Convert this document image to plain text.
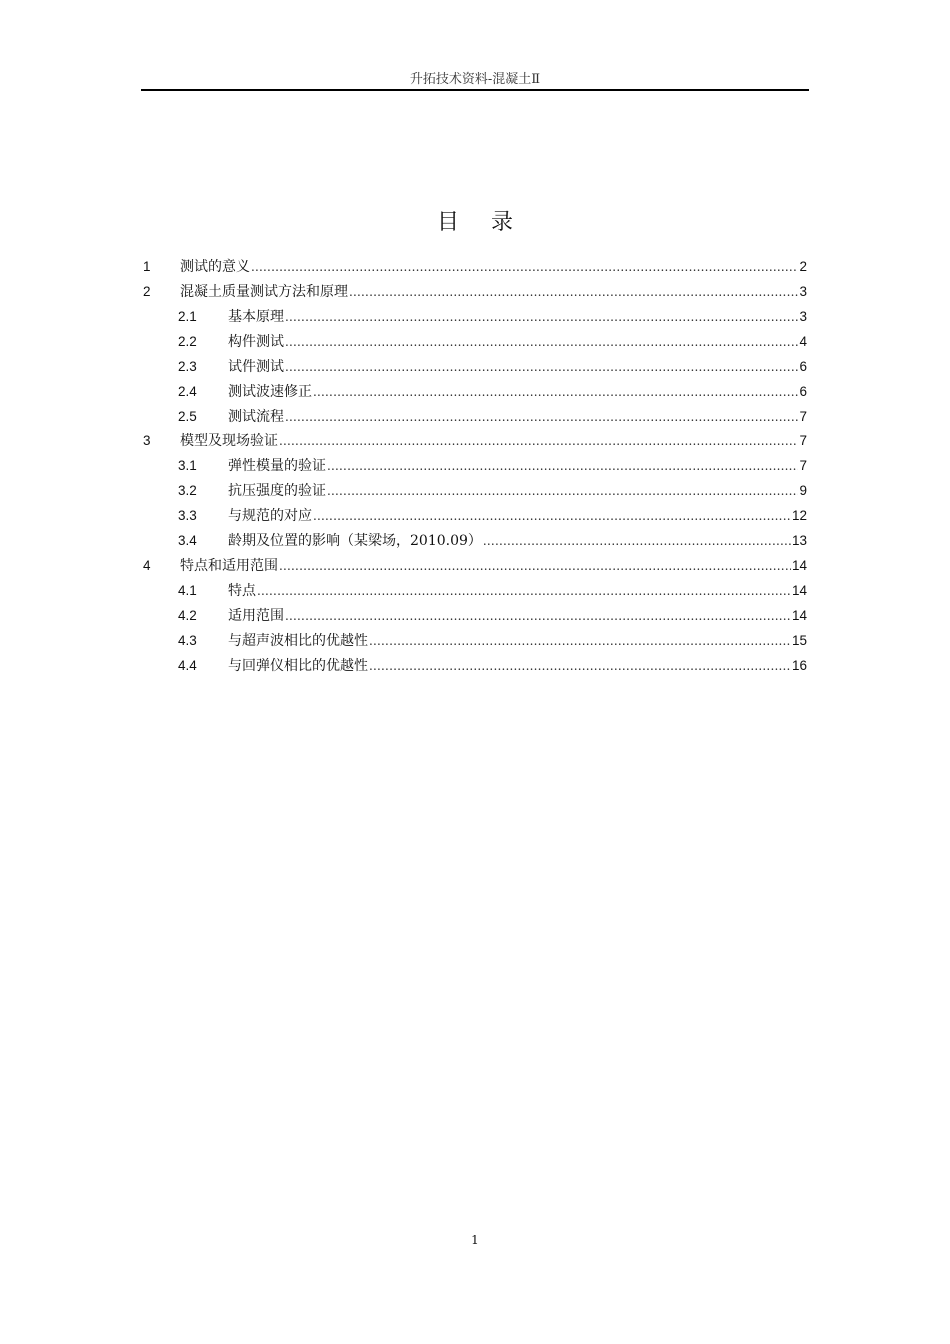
升拓技术资料-混凝土Ⅱ
目 录
1	测试的意义 .....	2
2	混凝土质量测试方法和原理 .....	3
2.1	基本原理 .....	3
2.2	构件测试 .....	4
2.3	试件测试 .....	6
2.4	测试波速修正 .....	6
2.5	测试流程 .....	7
3	模型及现场验证 .....	7
3.1	弹性模量的验证 .....	7
3.2	抗压强度的验证 .....	9
3.3	与规范的对应 .....	12
3.4	龄期及位置的影响（某梁场，2010.09） .....	13
4	特点和适用范围 .....	14
4.1	特点 .....	14
4.2	适用范围 .....	14
4.3	与超声波相比的优越性 .....	15
4.4	与回弹仪相比的优越性 .....	16
1
